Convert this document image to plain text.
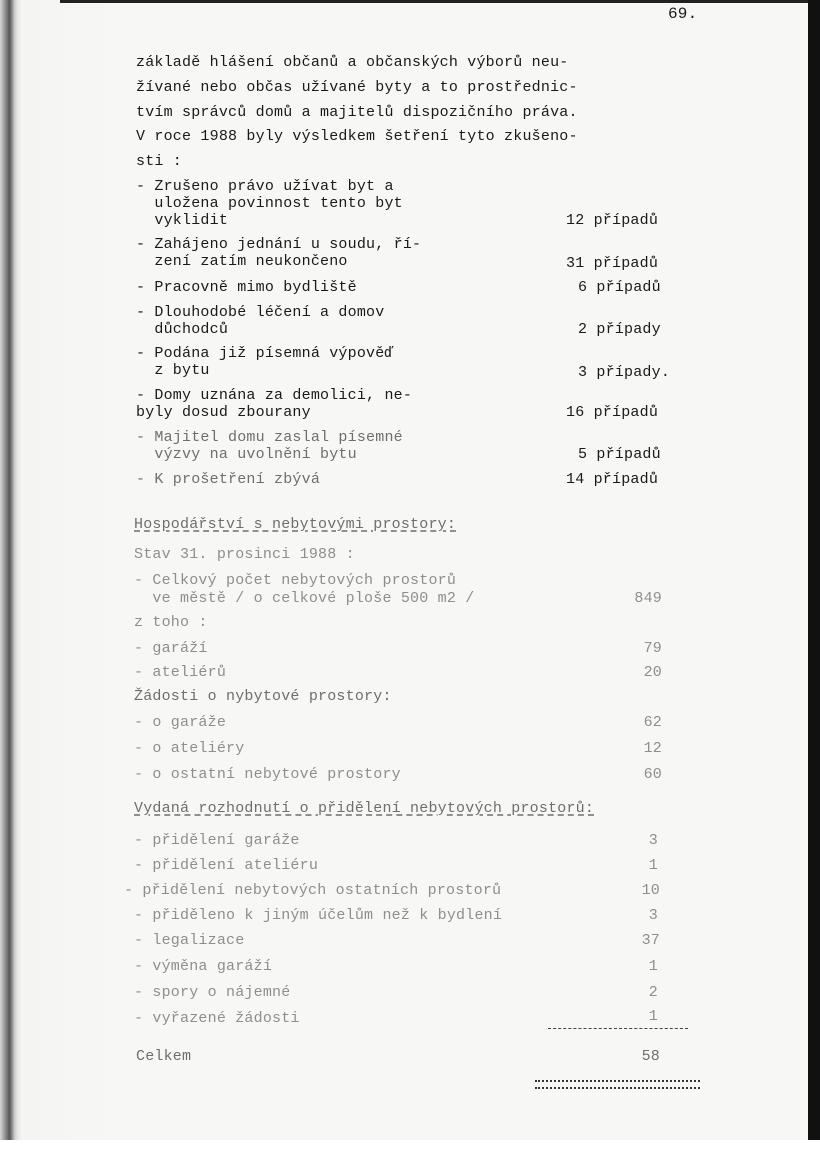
69.
základě hlášení občanů a občanských výborů neu-
žívané nebo občas užívané byty a to prostřednic-
tvím správců domů a majitelů dispozičního práva.
V roce 1988 byly výsledkem šetření tyto zkušeno-
sti :
- Zrušeno právo užívat byt a
uložena povinnost tento byt
vyklidit	12 případů
- Zahájeno jednání u soudu, ří-
zení zatím neukončeno	31 případů
- Pracovně mimo bydliště	6 případů
- Dlouhodobé léčení a domov
důchodců	2 případy
- Podána již písemná výpověď
z bytu	3 případy.
- Domy uznána za demolici, ne-
byly dosud zbourany	16 případů
- Majitel domu zaslal písemné
výzvy na uvolnění bytu	5 případů
- K prošetření zbývá	14 případů
Hospodářství s nebytovými prostory:
Stav 31. prosinci 1988 :
- Celkový počet nebytových prostorů
ve městě / o celkové ploše 500 m2 /	849
z toho :
- garáží	79
- ateliérů	20
Žádosti o nybytové prostory:
- o garáže	62
- o ateliéry	12
- o ostatní nebytové prostory	60
Vydaná rozhodnutí o přidělení nebytových prostorů:
- přidělení garáže	3
- přidělení ateliéru	1
- přidělení nebytových ostatních prostorů	10
- přiděleno k jiným účelům než k bydlení	3
- legalizace	37
- výměna garáží	1
- spory o nájemné	2
- vyřazené žádosti	1
Celkem	58
